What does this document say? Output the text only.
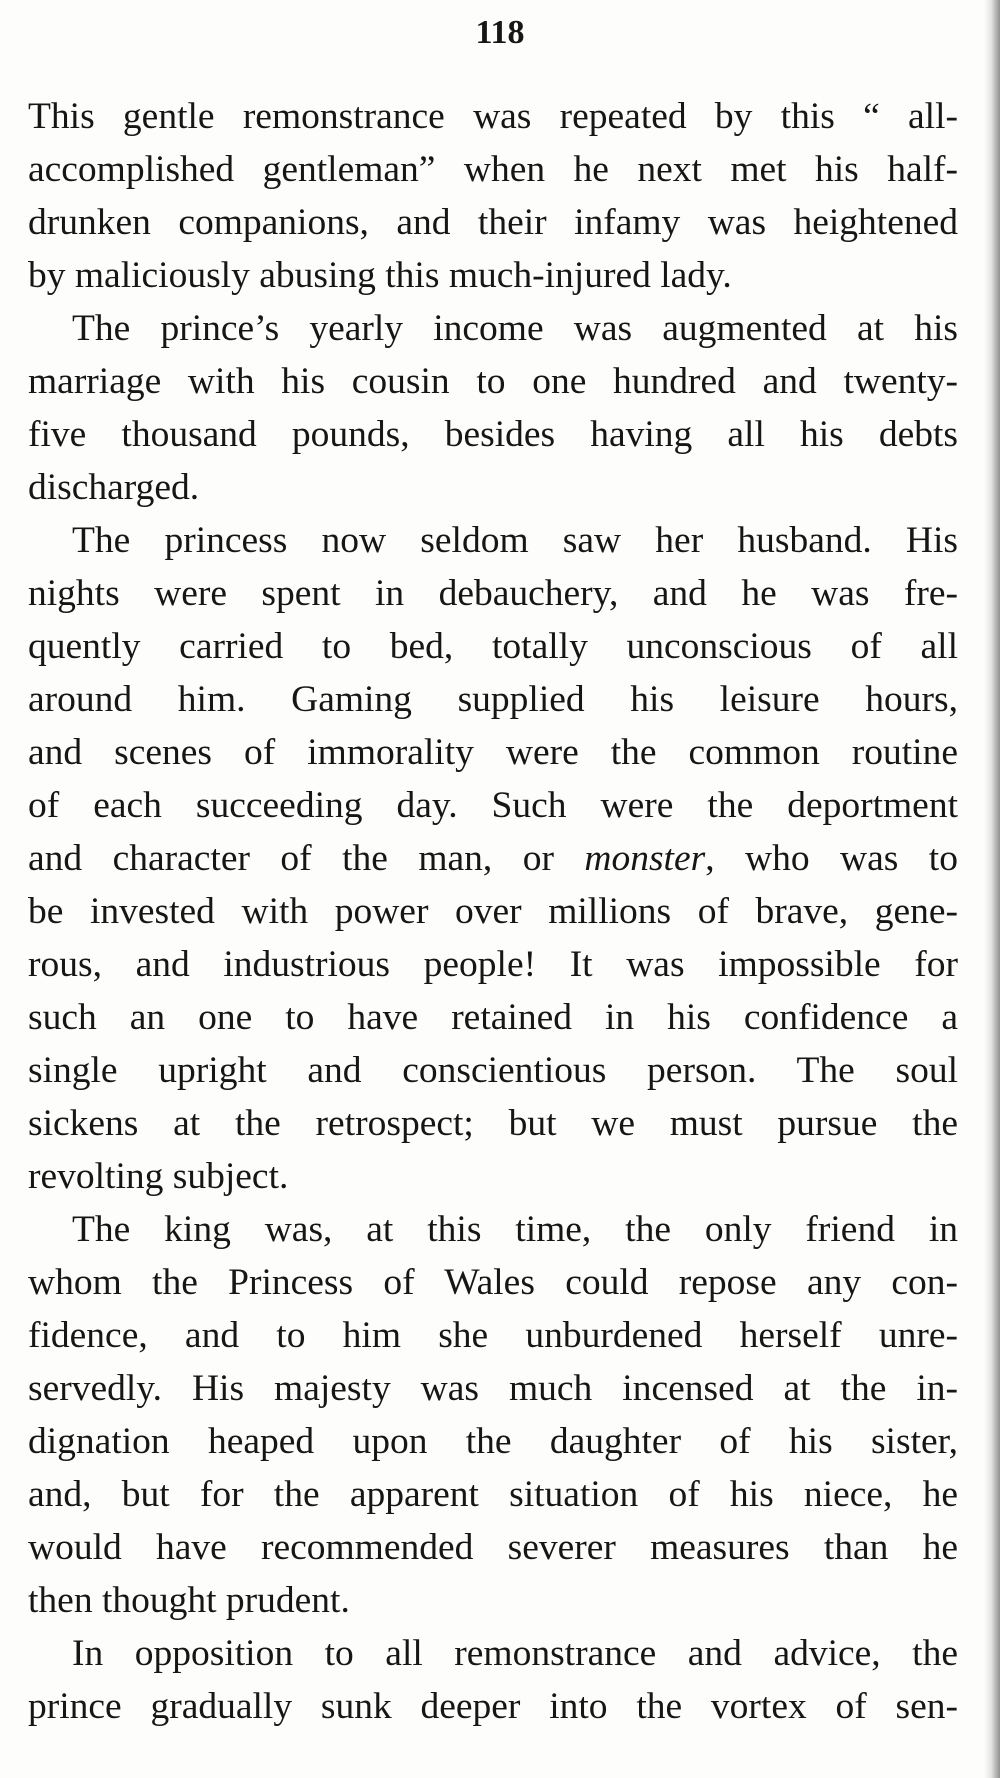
118
This gentle remonstrance was repeated by this “ all-
accomplished gentleman” when he next met his half-
drunken companions, and their infamy was heightened
by maliciously abusing this much-injured lady.
The prince’s yearly income was augmented at his
marriage with his cousin to one hundred and twenty-
five thousand pounds, besides having all his debts
discharged.
The princess now seldom saw her husband. His
nights were spent in debauchery, and he was fre-
quently carried to bed, totally unconscious of all
around him. Gaming supplied his leisure hours,
and scenes of immorality were the common routine
of each succeeding day. Such were the deportment
and character of the man, or monster, who was to
be invested with power over millions of brave, gene-
rous, and industrious people! It was impossible for
such an one to have retained in his confidence a
single upright and conscientious person. The soul
sickens at the retrospect; but we must pursue the
revolting subject.
The king was, at this time, the only friend in
whom the Princess of Wales could repose any con-
fidence, and to him she unburdened herself unre-
servedly. His majesty was much incensed at the in-
dignation heaped upon the daughter of his sister,
and, but for the apparent situation of his niece, he
would have recommended severer measures than he
then thought prudent.
In opposition to all remonstrance and advice, the
prince gradually sunk deeper into the vortex of sen-
